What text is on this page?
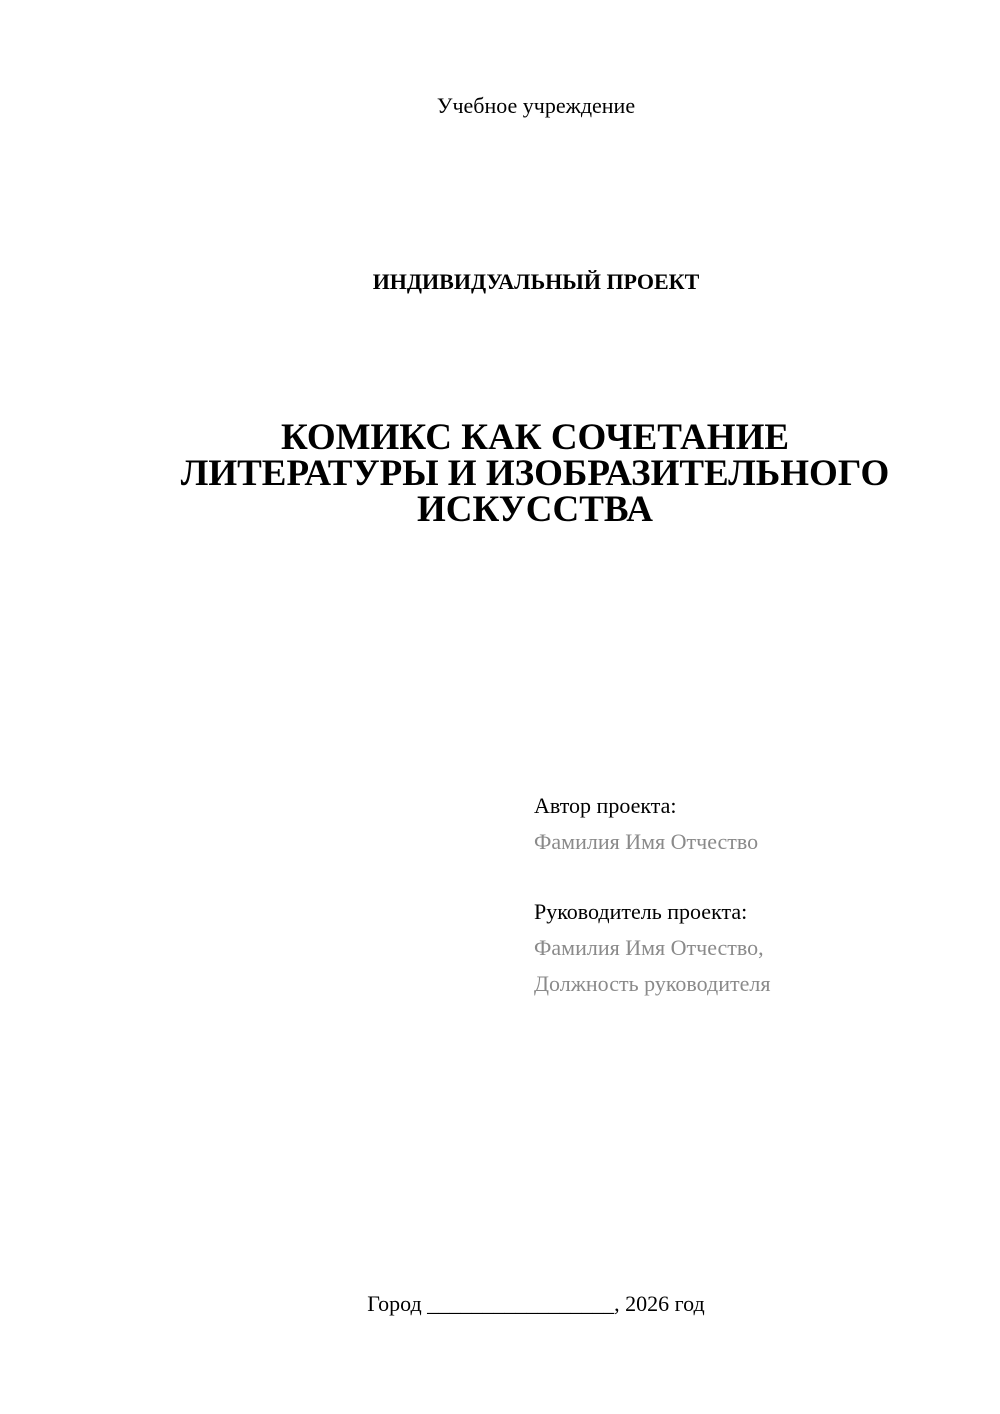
Учебное учреждение
ИНДИВИДУАЛЬНЫЙ ПРОЕКТ
КОМИКС КАК СОЧЕТАНИЕ
ЛИТЕРАТУРЫ И ИЗОБРАЗИТЕЛЬНОГО
ИСКУССТВА
Автор проекта:
Фамилия Имя Отчество
Руководитель проекта:
Фамилия Имя Отчество,
Должность руководителя
Город _________________, 2026 год
